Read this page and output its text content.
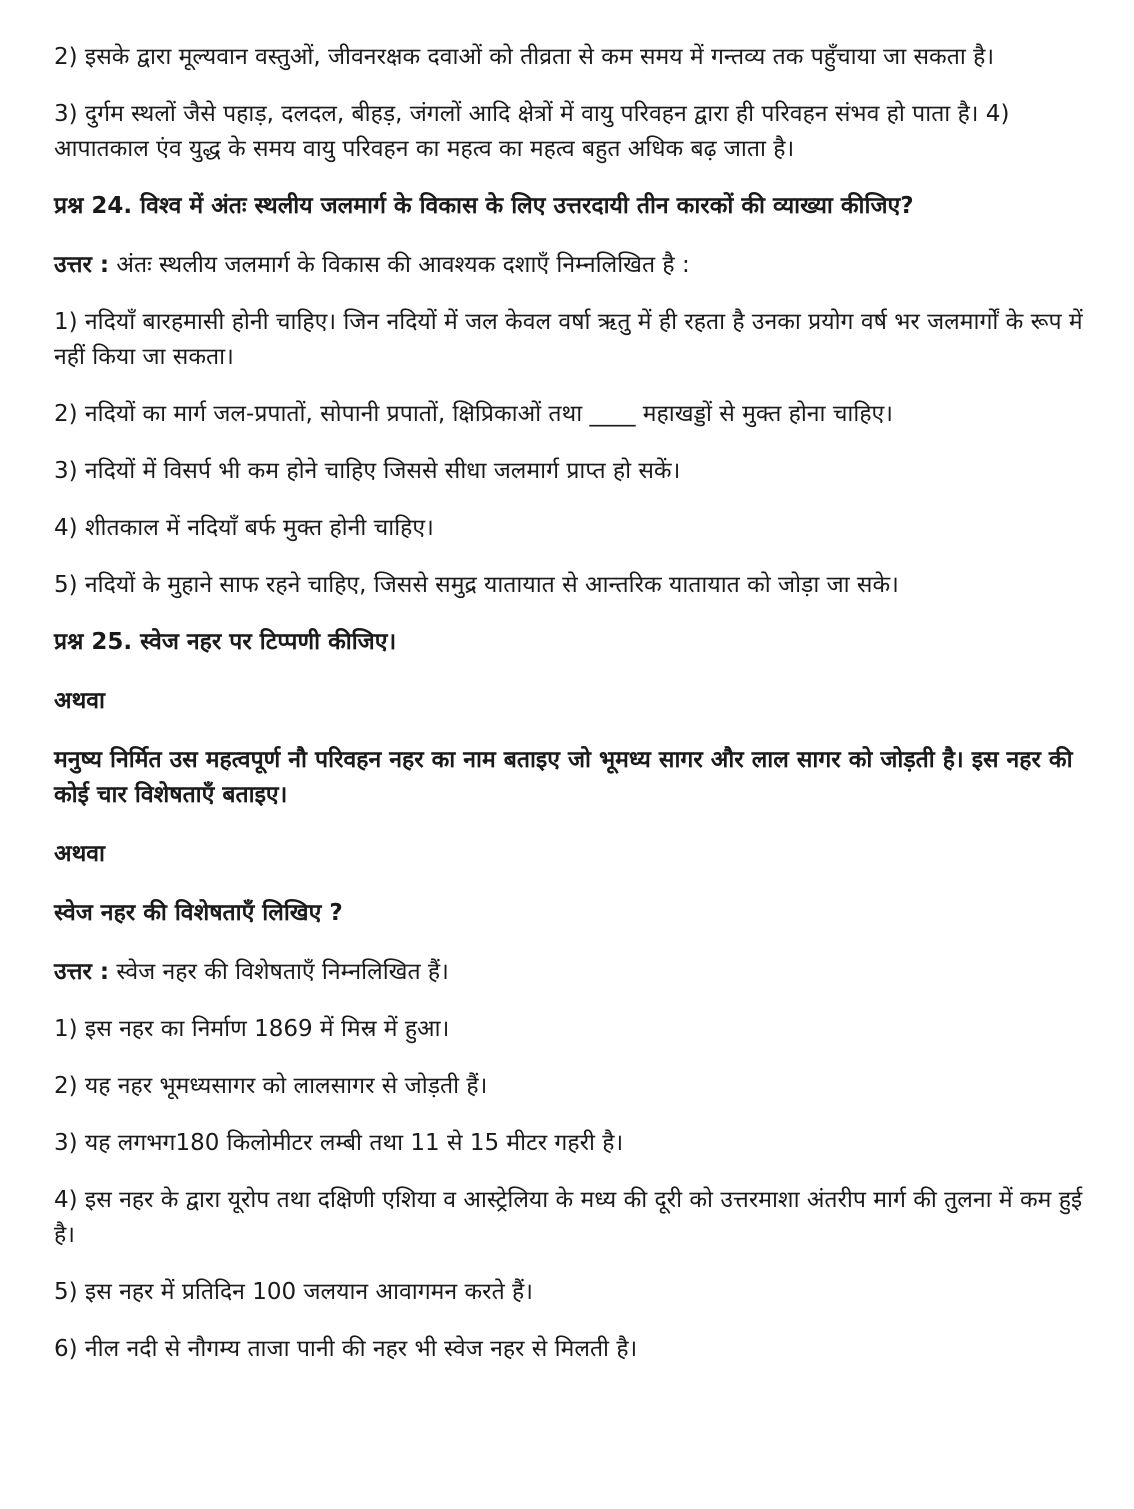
2) इसके द्वारा मूल्यवान वस्तुओं, जीवनरक्षक दवाओं को तीव्रता से कम समय में गन्तव्य तक पहुँचाया जा सकता है।

3) दुर्गम स्थलों जैसे पहाड़, दलदल, बीहड़, जंगलों आदि क्षेत्रों में वायु परिवहन द्वारा ही परिवहन संभव हो पाता है। 4) आपातकाल एंव युद्ध के समय वायु परिवहन का महत्व का महत्व बहुत अधिक बढ़ जाता है।

प्रश्न 24. विश्व में अंतः स्थलीय जलमार्ग के विकास के लिए उत्तरदायी तीन कारकों की व्याख्या कीजिए?

उत्तर : अंतः स्थलीय जलमार्ग के विकास की आवश्यक दशाएँ निम्नलिखित है :

1) नदियाँ बारहमासी होनी चाहिए। जिन नदियों में जल केवल वर्षा ऋतु में ही रहता है उनका प्रयोग वर्ष भर जलमार्गों के रूप में नहीं किया जा सकता।

2) नदियों का मार्ग जल-प्रपातों, सोपानी प्रपातों, क्षिप्रिकाओं तथा ____ महाखड्डों से मुक्त होना चाहिए।

3) नदियों में विसर्प भी कम होने चाहिए जिससे सीधा जलमार्ग प्राप्त हो सकें।

4) शीतकाल में नदियाँ बर्फ मुक्त होनी चाहिए।

5) नदियों के मुहाने साफ रहने चाहिए, जिससे समुद्र यातायात से आन्तरिक यातायात को जोड़ा जा सके।

प्रश्न 25. स्वेज नहर पर टिप्पणी कीजिए।

अथवा

मनुष्य निर्मित उस महत्वपूर्ण नौ परिवहन नहर का नाम बताइए जो भूमध्य सागर और लाल सागर को जोड़ती है। इस नहर की कोई चार विशेषताएँ बताइए।

अथवा

स्वेज नहर की विशेषताएँ लिखिए ?

उत्तर : स्वेज नहर की विशेषताएँ निम्नलिखित हैं।

1) इस नहर का निर्माण 1869 में मिस्र में हुआ।

2) यह नहर भूमध्यसागर को लालसागर से जोड़ती हैं।

3) यह लगभग180 किलोमीटर लम्बी तथा 11 से 15 मीटर गहरी है।

4) इस नहर के द्वारा यूरोप तथा दक्षिणी एशिया व आस्ट्रेलिया के मध्य की दूरी को उत्तरमाशा अंतरीप मार्ग की तुलना में कम हुई है।

5) इस नहर में प्रतिदिन 100 जलयान आवागमन करते हैं।

6) नील नदी से नौगम्य ताजा पानी की नहर भी स्वेज नहर से मिलती है।
